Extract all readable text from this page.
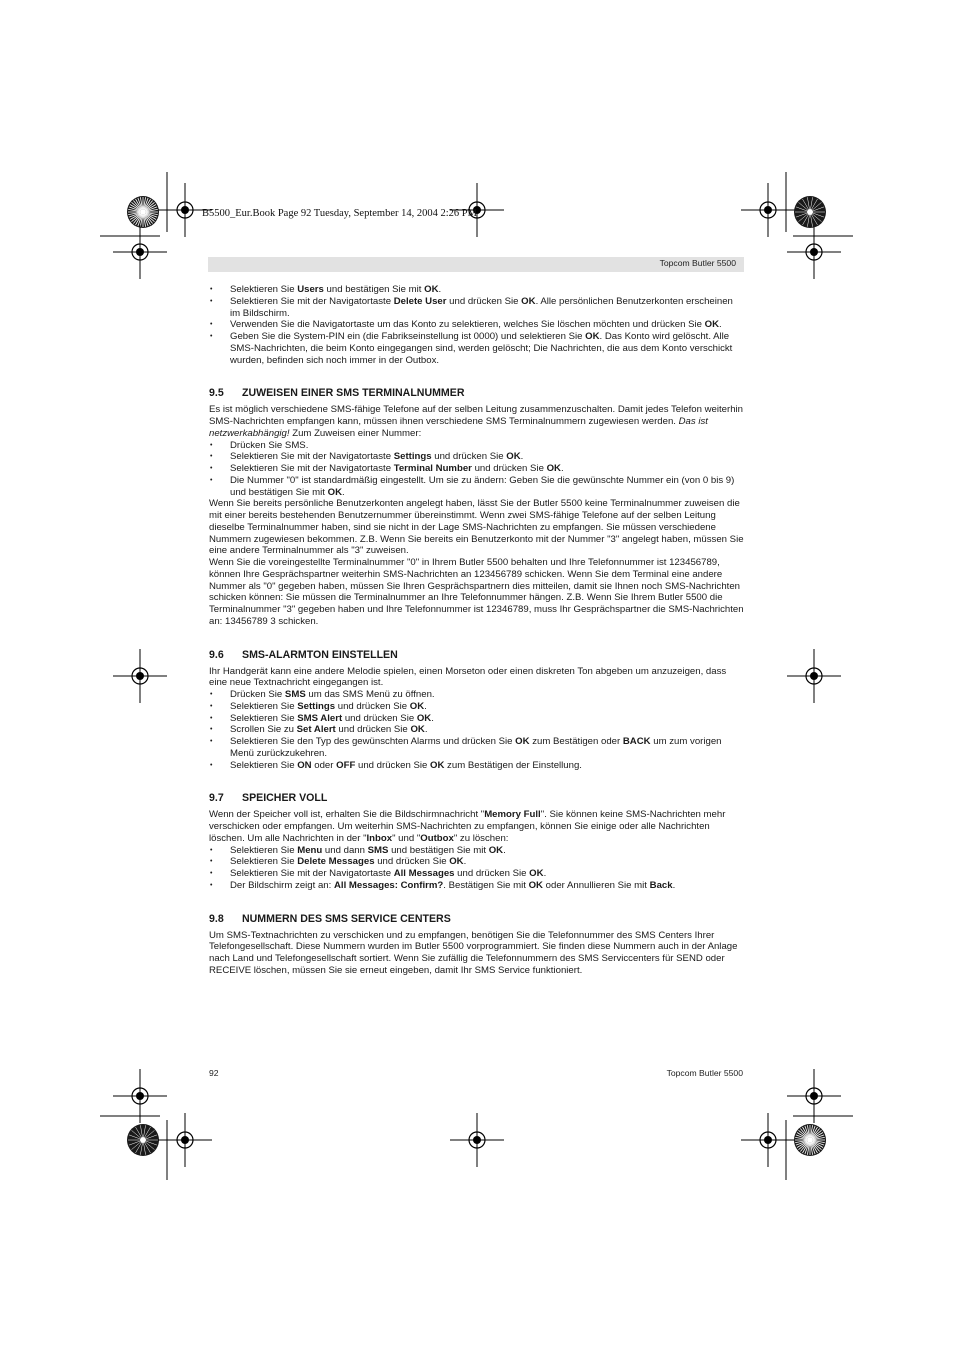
B5500_Eur.Book Page 92 Tuesday, September 14, 2004 2:26 PM
Topcom Butler 5500
• Selektieren Sie Users und bestätigen Sie mit OK.
• Selektieren Sie mit der Navigatortaste Delete User und drücken Sie OK. Alle persönlichen Benutzerkonten erscheinen im Bildschirm.
• Verwenden Sie die Navigatortaste um das Konto zu selektieren, welches Sie löschen möchten und drücken Sie OK.
• Geben Sie die System-PIN ein (die Fabrikseinstellung ist 0000) und selektieren Sie OK. Das Konto wird gelöscht. Alle SMS-Nachrichten, die beim Konto eingegangen sind, werden gelöscht; Die Nachrichten, die aus dem Konto verschickt wurden, befinden sich noch immer in der Outbox.
9.5 ZUWEISEN EINER SMS TERMINALNUMMER

Es ist möglich verschiedene SMS-fähige Telefone auf der selben Leitung zusammenzuschalten. Damit jedes Telefon weiterhin SMS-Nachrichten empfangen kann, müssen ihnen verschiedene SMS Terminalnummern zugewiesen werden. Das ist netzwerkabhängig! Zum Zuweisen einer Nummer:

• Drücken Sie SMS.
• Selektieren Sie mit der Navigatortaste Settings und drücken Sie OK.
• Selektieren Sie mit der Navigatortaste Terminal Number und drücken Sie OK.
• Die Nummer "0" ist standardmäßig eingestellt. Um sie zu ändern: Geben Sie die gewünschte Nummer ein (von 0 bis 9) und bestätigen Sie mit OK.

Wenn Sie bereits persönliche Benutzerkonten angelegt haben, lässt Sie der Butler 5500 keine Terminalnummer zuweisen die mit einer bereits bestehenden Benutzernummer übereinstimmt. Wenn zwei SMS-fähige Telefone auf der selben Leitung dieselbe Terminalnummer haben, sind sie nicht in der Lage SMS-Nachrichten zu empfangen. Sie müssen verschiedene Nummern zugewiesen bekommen. Z.B. Wenn Sie bereits ein Benutzerkonto mit der Nummer "3" angelegt haben, müssen Sie eine andere Terminalnummer als "3" zuweisen.

Wenn Sie die voreingestellte Terminalnummer "0" in Ihrem Butler 5500 behalten und Ihre Telefonnummer ist 123456789, können Ihre Gesprächspartner weiterhin SMS-Nachrichten an 123456789 schicken. Wenn Sie dem Terminal eine andere Nummer als "0" gegeben haben, müssen Sie Ihren Gesprächspartnern dies mitteilen, damit sie Ihnen noch SMS-Nachrichten schicken können: Sie müssen die Terminalnummer an Ihre Telefonnummer hängen. Z.B. Wenn Sie Ihrem Butler 5500 die Terminalnummer "3" gegeben haben und Ihre Telefonnummer ist 12346789, muss Ihr Gesprächspartner die SMS-Nachrichten an: 13456789 3 schicken.

9.6 SMS-ALARMTON EINSTELLEN

Ihr Handgerät kann eine andere Melodie spielen, einen Morseton oder einen diskreten Ton abgeben um anzuzeigen, dass eine neue Textnachricht eingegangen ist.

• Drücken Sie SMS um das SMS Menü zu öffnen.
• Selektieren Sie Settings und drücken Sie OK.
• Selektieren Sie SMS Alert und drücken Sie OK.
• Scrollen Sie zu Set Alert und drücken Sie OK.
• Selektieren Sie den Typ des gewünschten Alarms und drücken Sie OK zum Bestätigen oder BACK um zum vorigen Menü zurückzukehren.
• Selektieren Sie ON oder OFF und drücken Sie OK zum Bestätigen der Einstellung.
9.7 SPEICHER VOLL

Wenn der Speicher voll ist, erhalten Sie die Bildschirmnachricht "Memory Full". Sie können keine SMS-Nachrichten mehr verschicken oder empfangen. Um weiterhin SMS-Nachrichten zu empfangen, können Sie einige oder alle Nachrichten löschen. Um alle Nachrichten in der "Inbox" und "Outbox" zu löschen:

• Selektieren Sie Menu und dann SMS und bestätigen Sie mit OK.
• Selektieren Sie Delete Messages und drücken Sie OK.
• Selektieren Sie mit der Navigatortaste All Messages und drücken Sie OK.
• Der Bildschirm zeigt an: All Messages: Confirm?. Bestätigen Sie mit OK oder Annullieren Sie mit Back.
9.8 NUMMERN DES SMS SERVICE CENTERS

Um SMS-Textnachrichten zu verschicken und zu empfangen, benötigen Sie die Telefonnummer des SMS Centers Ihrer Telefongesellschaft. Diese Nummern wurden im Butler 5500 vorprogrammiert. Sie finden diese Nummern auch in der Anlage nach Land und Telefongesellschaft sortiert. Wenn Sie zufällig die Telefonnummern des SMS Serviccenters für SEND oder RECEIVE löschen, müssen Sie sie erneut eingeben, damit Ihr SMS Service funktioniert.

92	Topcom Butler 5500
